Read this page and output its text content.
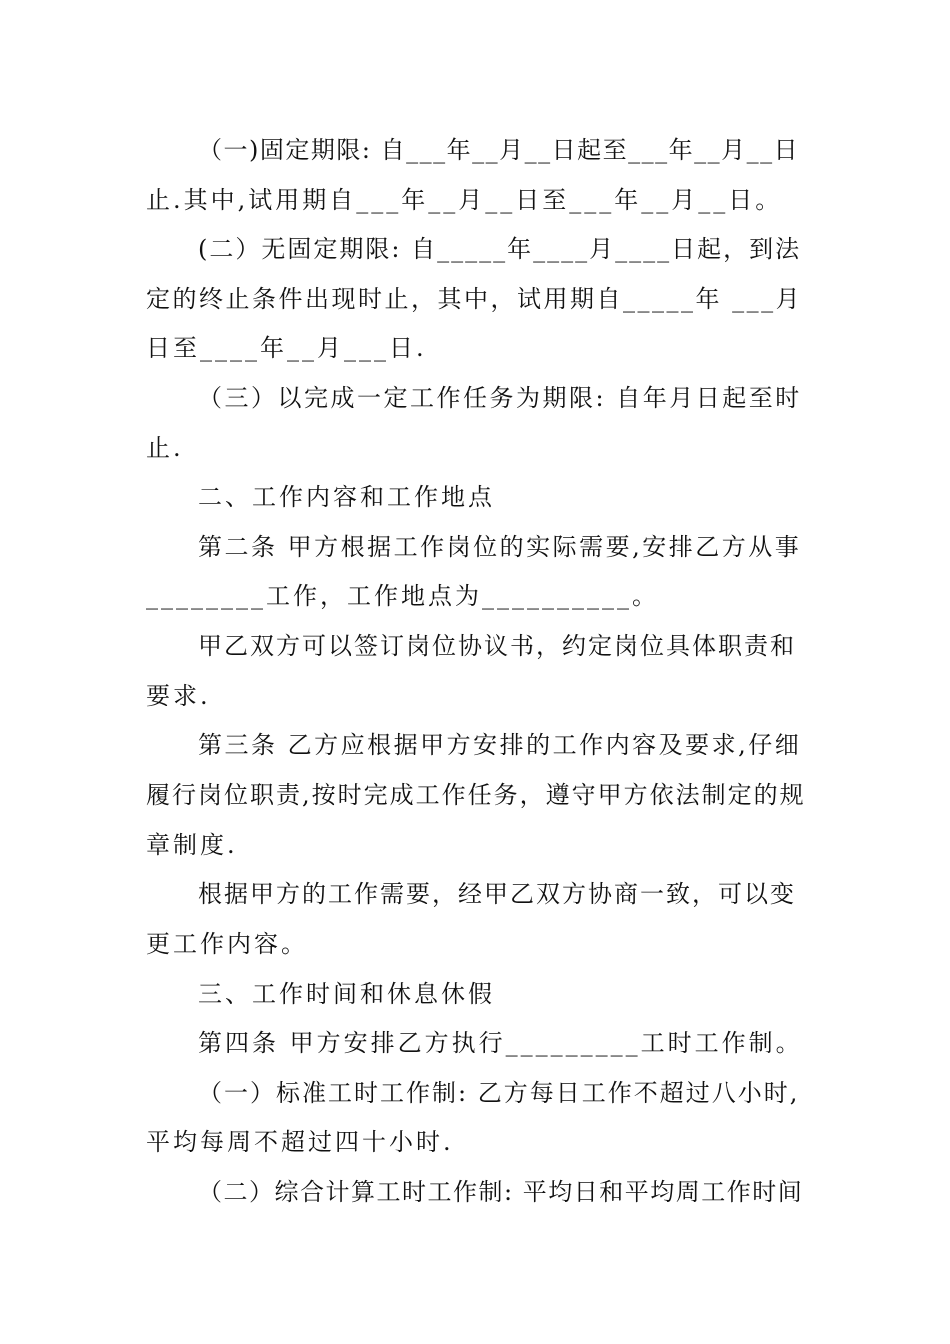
（一)固定期限: 自___年__月__日起至___年__月__日
止.其中,试用期自___年__月__日至___年__月__日。
(二）无固定期限: 自_____年____月____日起，到法
定的终止条件出现时止，其中，试用期自_____年 ___月
日至____年__月___日.
（三）以完成一定工作任务为期限: 自年月日起至时
止.
二、工作内容和工作地点
第二条 甲方根据工作岗位的实际需要,安排乙方从事
________工作，工作地点为__________。
甲乙双方可以签订岗位协议书，约定岗位具体职责和
要求.
第三条 乙方应根据甲方安排的工作内容及要求,仔细
履行岗位职责,按时完成工作任务，遵守甲方依法制定的规
章制度.
根据甲方的工作需要，经甲乙双方协商一致，可以变
更工作内容。
三、工作时间和休息休假
第四条 甲方安排乙方执行_________工时工作制。
（一）标准工时工作制: 乙方每日工作不超过八小时,
平均每周不超过四十小时.
（二）综合计算工时工作制: 平均日和平均周工作时间
